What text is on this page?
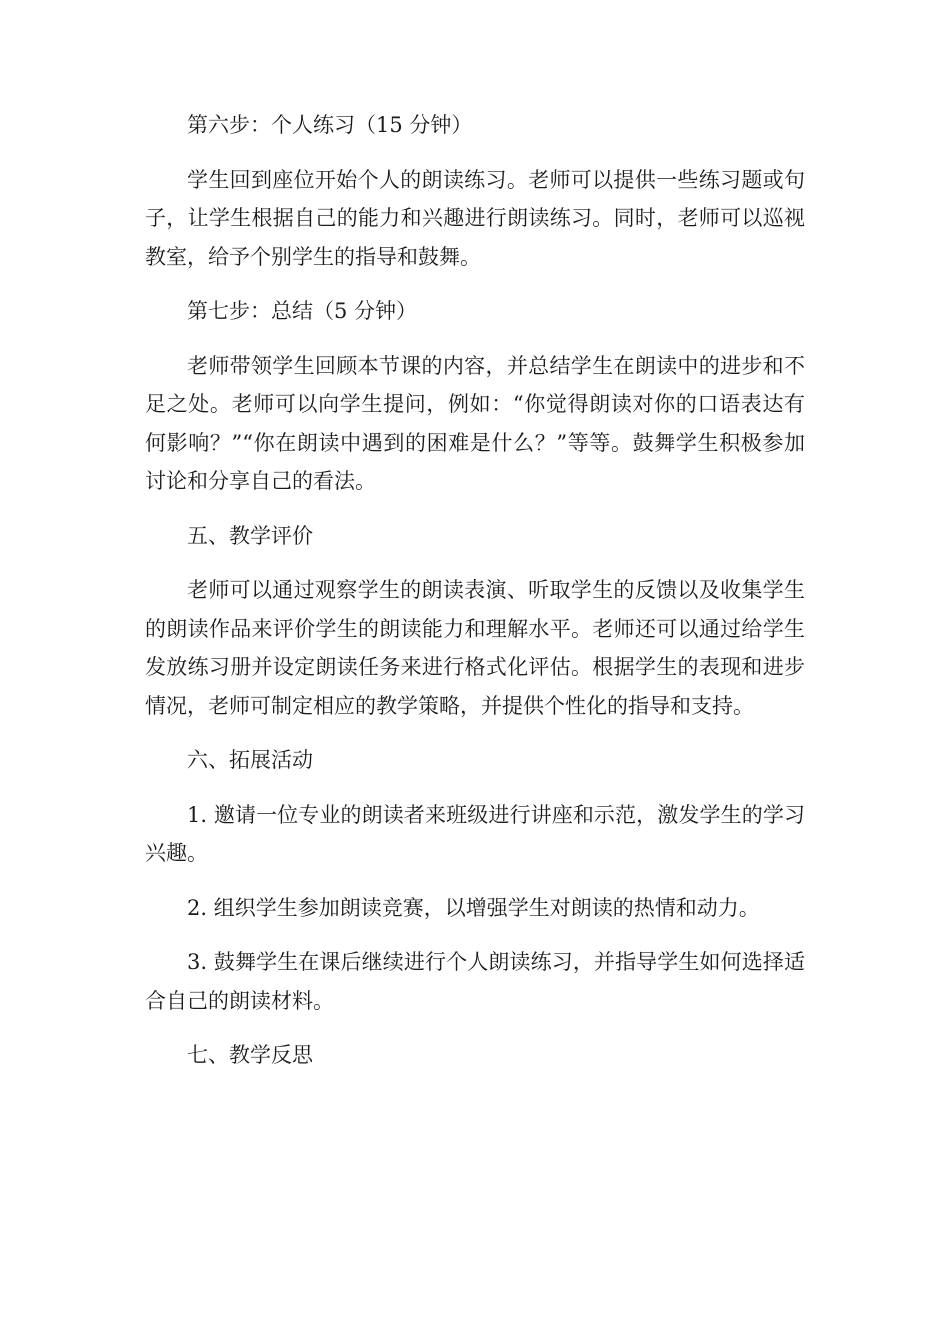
第六步：个人练习（15 分钟）

学生回到座位开始个人的朗读练习。老师可以提供一些练习题或句子，让学生根据自己的能力和兴趣进行朗读练习。同时，老师可以巡视教室，给予个别学生的指导和鼓舞。

第七步：总结（5 分钟）

老师带领学生回顾本节课的内容，并总结学生在朗读中的进步和不足之处。老师可以向学生提问，例如：“你觉得朗读对你的口语表达有何影响？”“你在朗读中遇到的困难是什么？”等等。鼓舞学生积极参加讨论和分享自己的看法。

五、教学评价

老师可以通过观察学生的朗读表演、听取学生的反馈以及收集学生的朗读作品来评价学生的朗读能力和理解水平。老师还可以通过给学生发放练习册并设定朗读任务来进行格式化评估。根据学生的表现和进步情况，老师可制定相应的教学策略，并提供个性化的指导和支持。

六、拓展活动

1. 邀请一位专业的朗读者来班级进行讲座和示范，激发学生的学习兴趣。

2. 组织学生参加朗读竞赛，以增强学生对朗读的热情和动力。

3. 鼓舞学生在课后继续进行个人朗读练习，并指导学生如何选择适合自己的朗读材料。

七、教学反思
